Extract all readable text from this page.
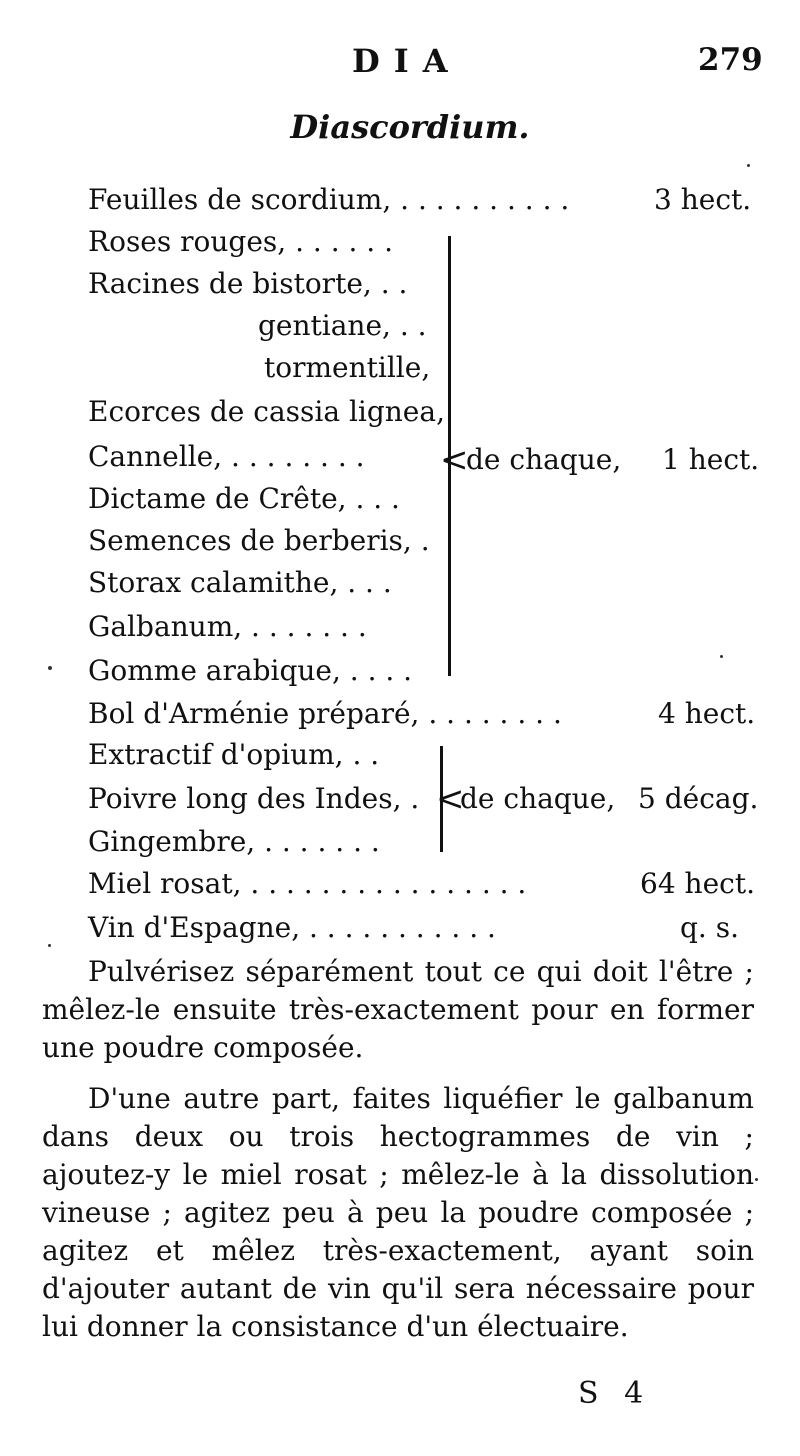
DIA	279
Diascordium.
Feuilles de scordium, . . . . . . . . . .	3 hect.
Roses rouges, . . . . . .
Racines de bistorte, . .
gentiane, . .
tormentille,
Ecorces de cassia lignea,
Cannelle, . . . . . . . .
Dictame de Crête, . . .
Semences de berberis, .
Storax calamithe, . . .
Galbanum, . . . . . . .
Gomme arabique, . . . .
<
de chaque, 1 hect.
Bol d'Arménie préparé, . . . . . . . .	4 hect.
Extractif d'opium, . .
Poivre long des Indes, .
Gingembre, . . . . . . .
<
de chaque, 5 décag.
Miel rosat, . . . . . . . . . . . . . . . .	64 hect.
Vin d'Espagne, . . . . . . . . . . .	q. s.

Pulvérisez séparément tout ce qui doit l'être ; mêlez-le ensuite très-exactement pour en former une poudre composée.

D'une autre part, faites liquéfier le galbanum dans deux ou trois hectogrammes de vin ; ajoutez-y le miel rosat ; mêlez-le à la dissolution vineuse ; agitez peu à peu la poudre composée ; agitez et mêlez très-exactement, ayant soin d'ajouter autant de vin qu'il sera nécessaire pour lui donner la consistance d'un électuaire.

S 4
